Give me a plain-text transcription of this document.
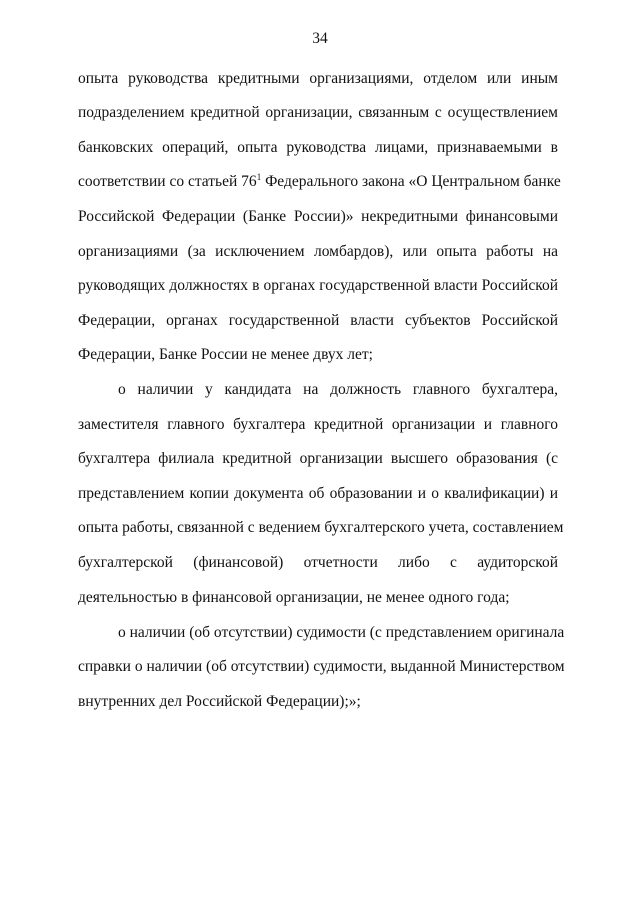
34
опыта руководства кредитными организациями, отделом или иным
подразделением кредитной организации, связанным с осуществлением
банковских операций, опыта руководства лицами, признаваемыми в
соответствии со статьей $76^1$ Федерального закона «О Центральном банке
Российской Федерации (Банке России)» некредитными финансовыми
организациями (за исключением ломбардов), или опыта работы на
руководящих должностях в органах государственной власти Российской
Федерации, органах государственной власти субъектов Российской
Федерации, Банке России не менее двух лет;
о наличии у кандидата на должность главного бухгалтера,
заместителя главного бухгалтера кредитной организации и главного
бухгалтера филиала кредитной организации высшего образования (с
представлением копии документа об образовании и о квалификации) и
опыта работы, связанной с ведением бухгалтерского учета, составлением
бухгалтерской (финансовой) отчетности либо с аудиторской
деятельностью в финансовой организации, не менее одного года;
о наличии (об отсутствии) судимости (с представлением оригинала
справки о наличии (об отсутствии) судимости, выданной Министерством
внутренних дел Российской Федерации);»;
